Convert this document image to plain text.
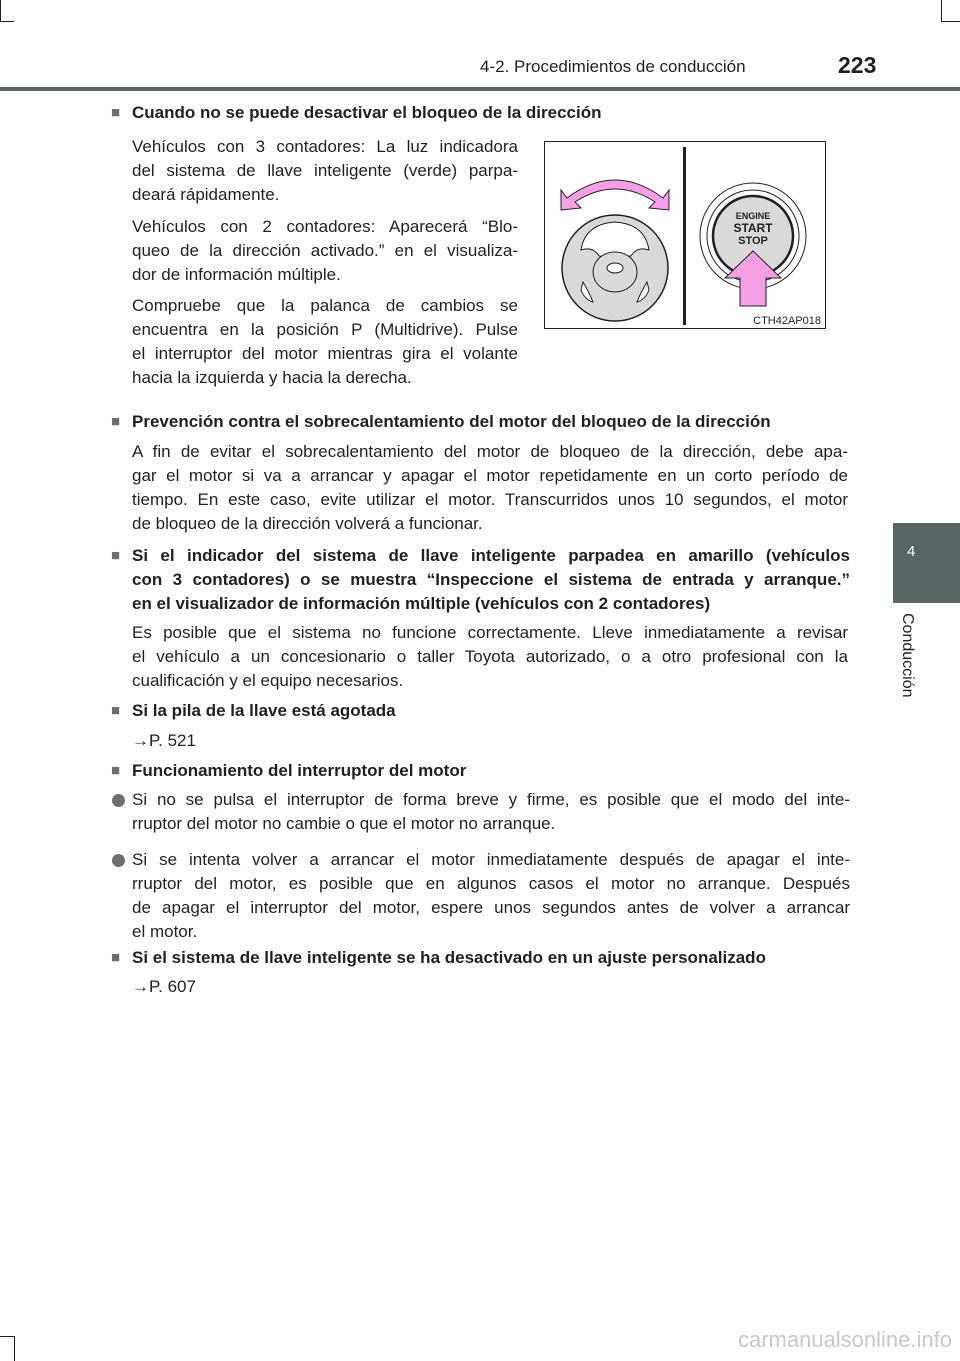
4-2. Procedimientos de conducción	223
4
Conducción
ENGINE
START
STOP
CTH42AP018
■ Cuando no se puede desactivar el bloqueo de la dirección
Vehículos con 3 contadores: La luz indicadora
del sistema de llave inteligente (verde) parpa-
deará rápidamente.
Vehículos con 2 contadores: Aparecerá “Blo-
queo de la dirección activado.” en el visualiza-
dor de información múltiple.
Compruebe que la palanca de cambios se
encuentra en la posición P (Multidrive). Pulse
el interruptor del motor mientras gira el volante
hacia la izquierda y hacia la derecha.
■ Prevención contra el sobrecalentamiento del motor del bloqueo de la dirección
A fin de evitar el sobrecalentamiento del motor de bloqueo de la dirección, debe apa-
gar el motor si va a arrancar y apagar el motor repetidamente en un corto período de
tiempo. En este caso, evite utilizar el motor. Transcurridos unos 10 segundos, el motor
de bloqueo de la dirección volverá a funcionar.
■ Si el indicador del sistema de llave inteligente parpadea en amarillo (vehículos
con 3 contadores) o se muestra “Inspeccione el sistema de entrada y arranque.”
en el visualizador de información múltiple (vehículos con 2 contadores)
Es posible que el sistema no funcione correctamente. Lleve inmediatamente a revisar
el vehículo a un concesionario o taller Toyota autorizado, o a otro profesional con la
cualificación y el equipo necesarios.
■ Si la pila de la llave está agotada
→P. 521
■ Funcionamiento del interruptor del motor
Si no se pulsa el interruptor de forma breve y firme, es posible que el modo del inte-
rruptor del motor no cambie o que el motor no arranque.
Si se intenta volver a arrancar el motor inmediatamente después de apagar el inte-
rruptor del motor, es posible que en algunos casos el motor no arranque. Después
de apagar el interruptor del motor, espere unos segundos antes de volver a arrancar
el motor.
■ Si el sistema de llave inteligente se ha desactivado en un ajuste personalizado
→P. 607
carmanualsonline.info
